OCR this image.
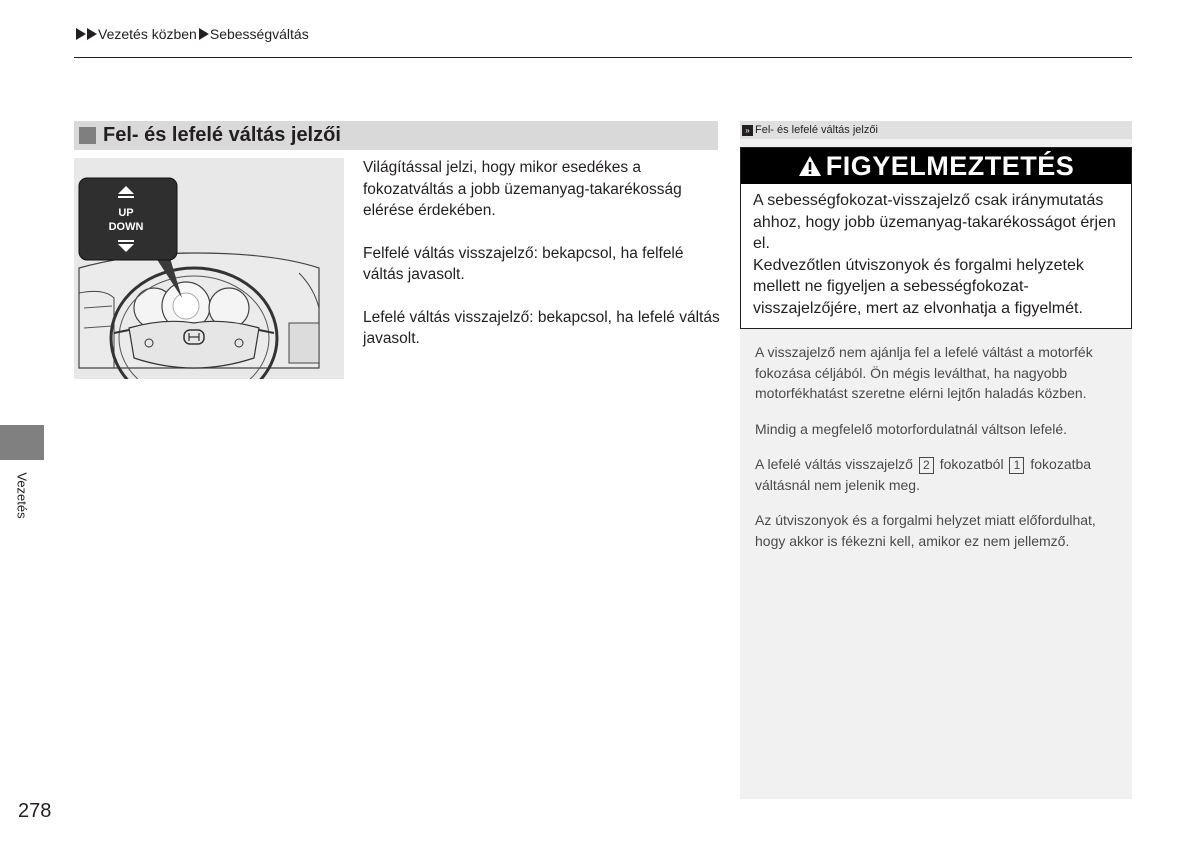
Vezetés közben Sebességváltás
Fel- és lefelé váltás jelzői
UP
DOWN

Világítással jelzi, hogy mikor esedékes a fokozatváltás a jobb üzemanyag-takarékosság elérése érdekében.

Felfelé váltás visszajelző: bekapcsol, ha felfelé váltás javasolt.

Lefelé váltás visszajelző: bekapcsol, ha lefelé váltás javasolt.

» Fel- és lefelé váltás jelzői
FIGYELMEZTETÉS

A sebességfokozat-visszajelző csak iránymutatás ahhoz, hogy jobb üzemanyag-takarékosságot érjen el.

Kedvezőtlen útviszonyok és forgalmi helyzetek mellett ne figyeljen a sebességfokozat-visszajelzőjére, mert az elvonhatja a figyelmét.

A visszajelző nem ajánlja fel a lefelé váltást a motorfék fokozása céljából. Ön mégis leválthat, ha nagyobb motorfékhatást szeretne elérni lejtőn haladás közben.

Mindig a megfelelő motorfordulatnál váltson lefelé.

A lefelé váltás visszajelző 2 fokozatból 1 fokozatba váltásnál nem jelenik meg.

Az útviszonyok és a forgalmi helyzet miatt előfordulhat, hogy akkor is fékezni kell, amikor ez nem jellemző.

Vezetés
278
